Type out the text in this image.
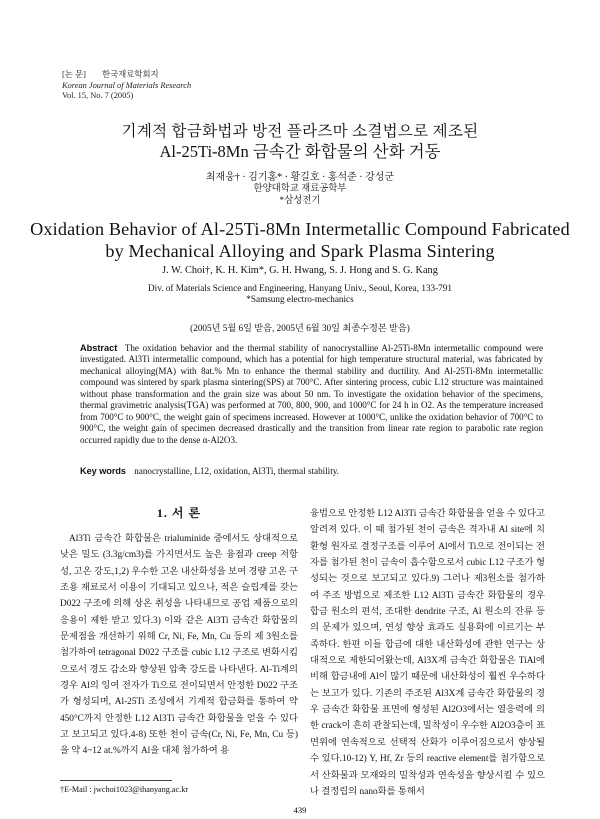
[논 문]	한국재료학회지
Korean Journal of Materials Research
Vol. 15, No. 7 (2005)
기계적 합금화법과 방전 플라즈마 소결법으로 제조된
Al-25Ti-8Mn 금속간 화합물의 산화 거동
최재웅† · 김기홍* · 황길호 · 홍석준 · 강성군
한양대학교 재료공학부
*삼성전기
Oxidation Behavior of Al-25Ti-8Mn Intermetallic Compound Fabricated
by Mechanical Alloying and Spark Plasma Sintering
J. W. Choi†, K. H. Kim*, G. H. Hwang, S. J. Hong and S. G. Kang
Div. of Materials Science and Engineering, Hanyang Univ., Seoul, Korea, 133-791
*Samsung electro-mechanics
(2005년 5월 6일 받음, 2005년 6월 30일 최종수정본 받음)
Abstract The oxidation behavior and the thermal stability of nanocrystalline Al-25Ti-8Mn intermetallic compound were investigated. Al3Ti intermetallic compound, which has a potential for high temperature structural material, was fabricated by mechanical alloying(MA) with 8at.% Mn to enhance the thermal stability and ductility. And Al-25Ti-8Mn intermetallic compound was sintered by spark plasma sintering(SPS) at 700°C. After sintering process, cubic L12 structure was maintained without phase transformation and the grain size was about 50 nm. To investigate the oxidation behavior of the specimens, thermal gravimetric analysis(TGA) was performed at 700, 800, 900, and 1000°C for 24 h in O2. As the temperature increased from 700°C to 900°C, the weight gain of specimens increased. However at 1000°C, unlike the oxidation behavior of 700°C to 900°C, the weight gain of specimen decreased drastically and the transition from linear rate region to parabolic rate region occurred rapidly due to the dense α-Al2O3.
Key words nanocrystalline, L12, oxidation, Al3Ti, thermal stability.
1. 서 론

Al3Ti 금속간 화합물은 trialuminide 중에서도 상대적으로 낮은 밀도 (3.3g/cm3)를 가지면서도 높은 융점과 creep 저항성, 고온 강도,1,2) 우수한 고온 내산화성을 보여 경량 고온 구조용 재료로서 이용이 기대되고 있으나, 적은 슬립계를 갖는 D022 구조에 의해 상온 취성을 나타내므로 공업 제품으로의 응용이 제한 받고 있다.3) 이와 같은 Al3Ti 금속간 화합물의 문제점을 개선하기 위해 Cr, Ni, Fe, Mn, Cu 등의 제 3원소를 첨가하여 tetragonal D022 구조를 cubic L12 구조로 변화시킴으로서 경도 감소와 향상된 압축 강도를 나타낸다. Al-Ti계의 경우 Al의 잉여 전자가 Ti으로 전이되면서 안정한 D022 구조가 형성되며, Al-25Ti 조성에서 기계적 합금화를 통하여 약 450°C까지 안정한 L12 Al3Ti 금속간 화합물을 얻을 수 있다고 보고되고 있다.4-8) 또한 천이 금속(Cr, Ni, Fe, Mn, Cu 등)을 약 4~12 at.%까지 Al을 대체 첨가하여 용

융법으로 안정한 L12 Al3Ti 금속간 화합물을 얻을 수 있다고 알려져 있다. 이 때 첨가된 천이 금속은 격자내 Al site에 치환형 원자로 결정구조를 이루어 Al에서 Ti으로 전이되는 전자를 첨가된 천이 금속이 흡수함으로서 cubic L12 구조가 형성되는 것으로 보고되고 있다.9) 그러나 제3원소를 첨가하여 주조 방법으로 제조한 L12 Al3Ti 금속간 화합물의 경우 합금 원소의 편석, 조대한 dendrite 구조, Al 원소의 잔류 등의 문제가 있으며, 연성 향상 효과도 실용화에 이르기는 부족하다. 한편 이들 합금에 대한 내산화성에 관한 연구는 상대적으로 제한되어왔는데, Al3X계 금속간 화합물은 TiAl에 비해 합금내에 Al이 많기 때문에 내산화성이 훨씬 우수하다는 보고가 있다. 기존의 주조된 Al3X계 금속간 화합물의 경우 금속간 화합물 표면에 형성된 Al2O3에서는 열응력에 의한 crack이 흔히 관찰되는데, 밀착성이 우수한 Al2O3층이 표면위에 연속적으로 선택적 산화가 이루어짐으로서 향상될 수 있다.10-12) Y, Hf, Zr 등의 reactive element를 첨가함으로서 산화물과 모재와의 밀착성과 연속성을 향상시킬 수 있으나 결정립의 nano화를 통해서

†E-Mail : jwchoi1023@ihanyang.ac.kr
439
